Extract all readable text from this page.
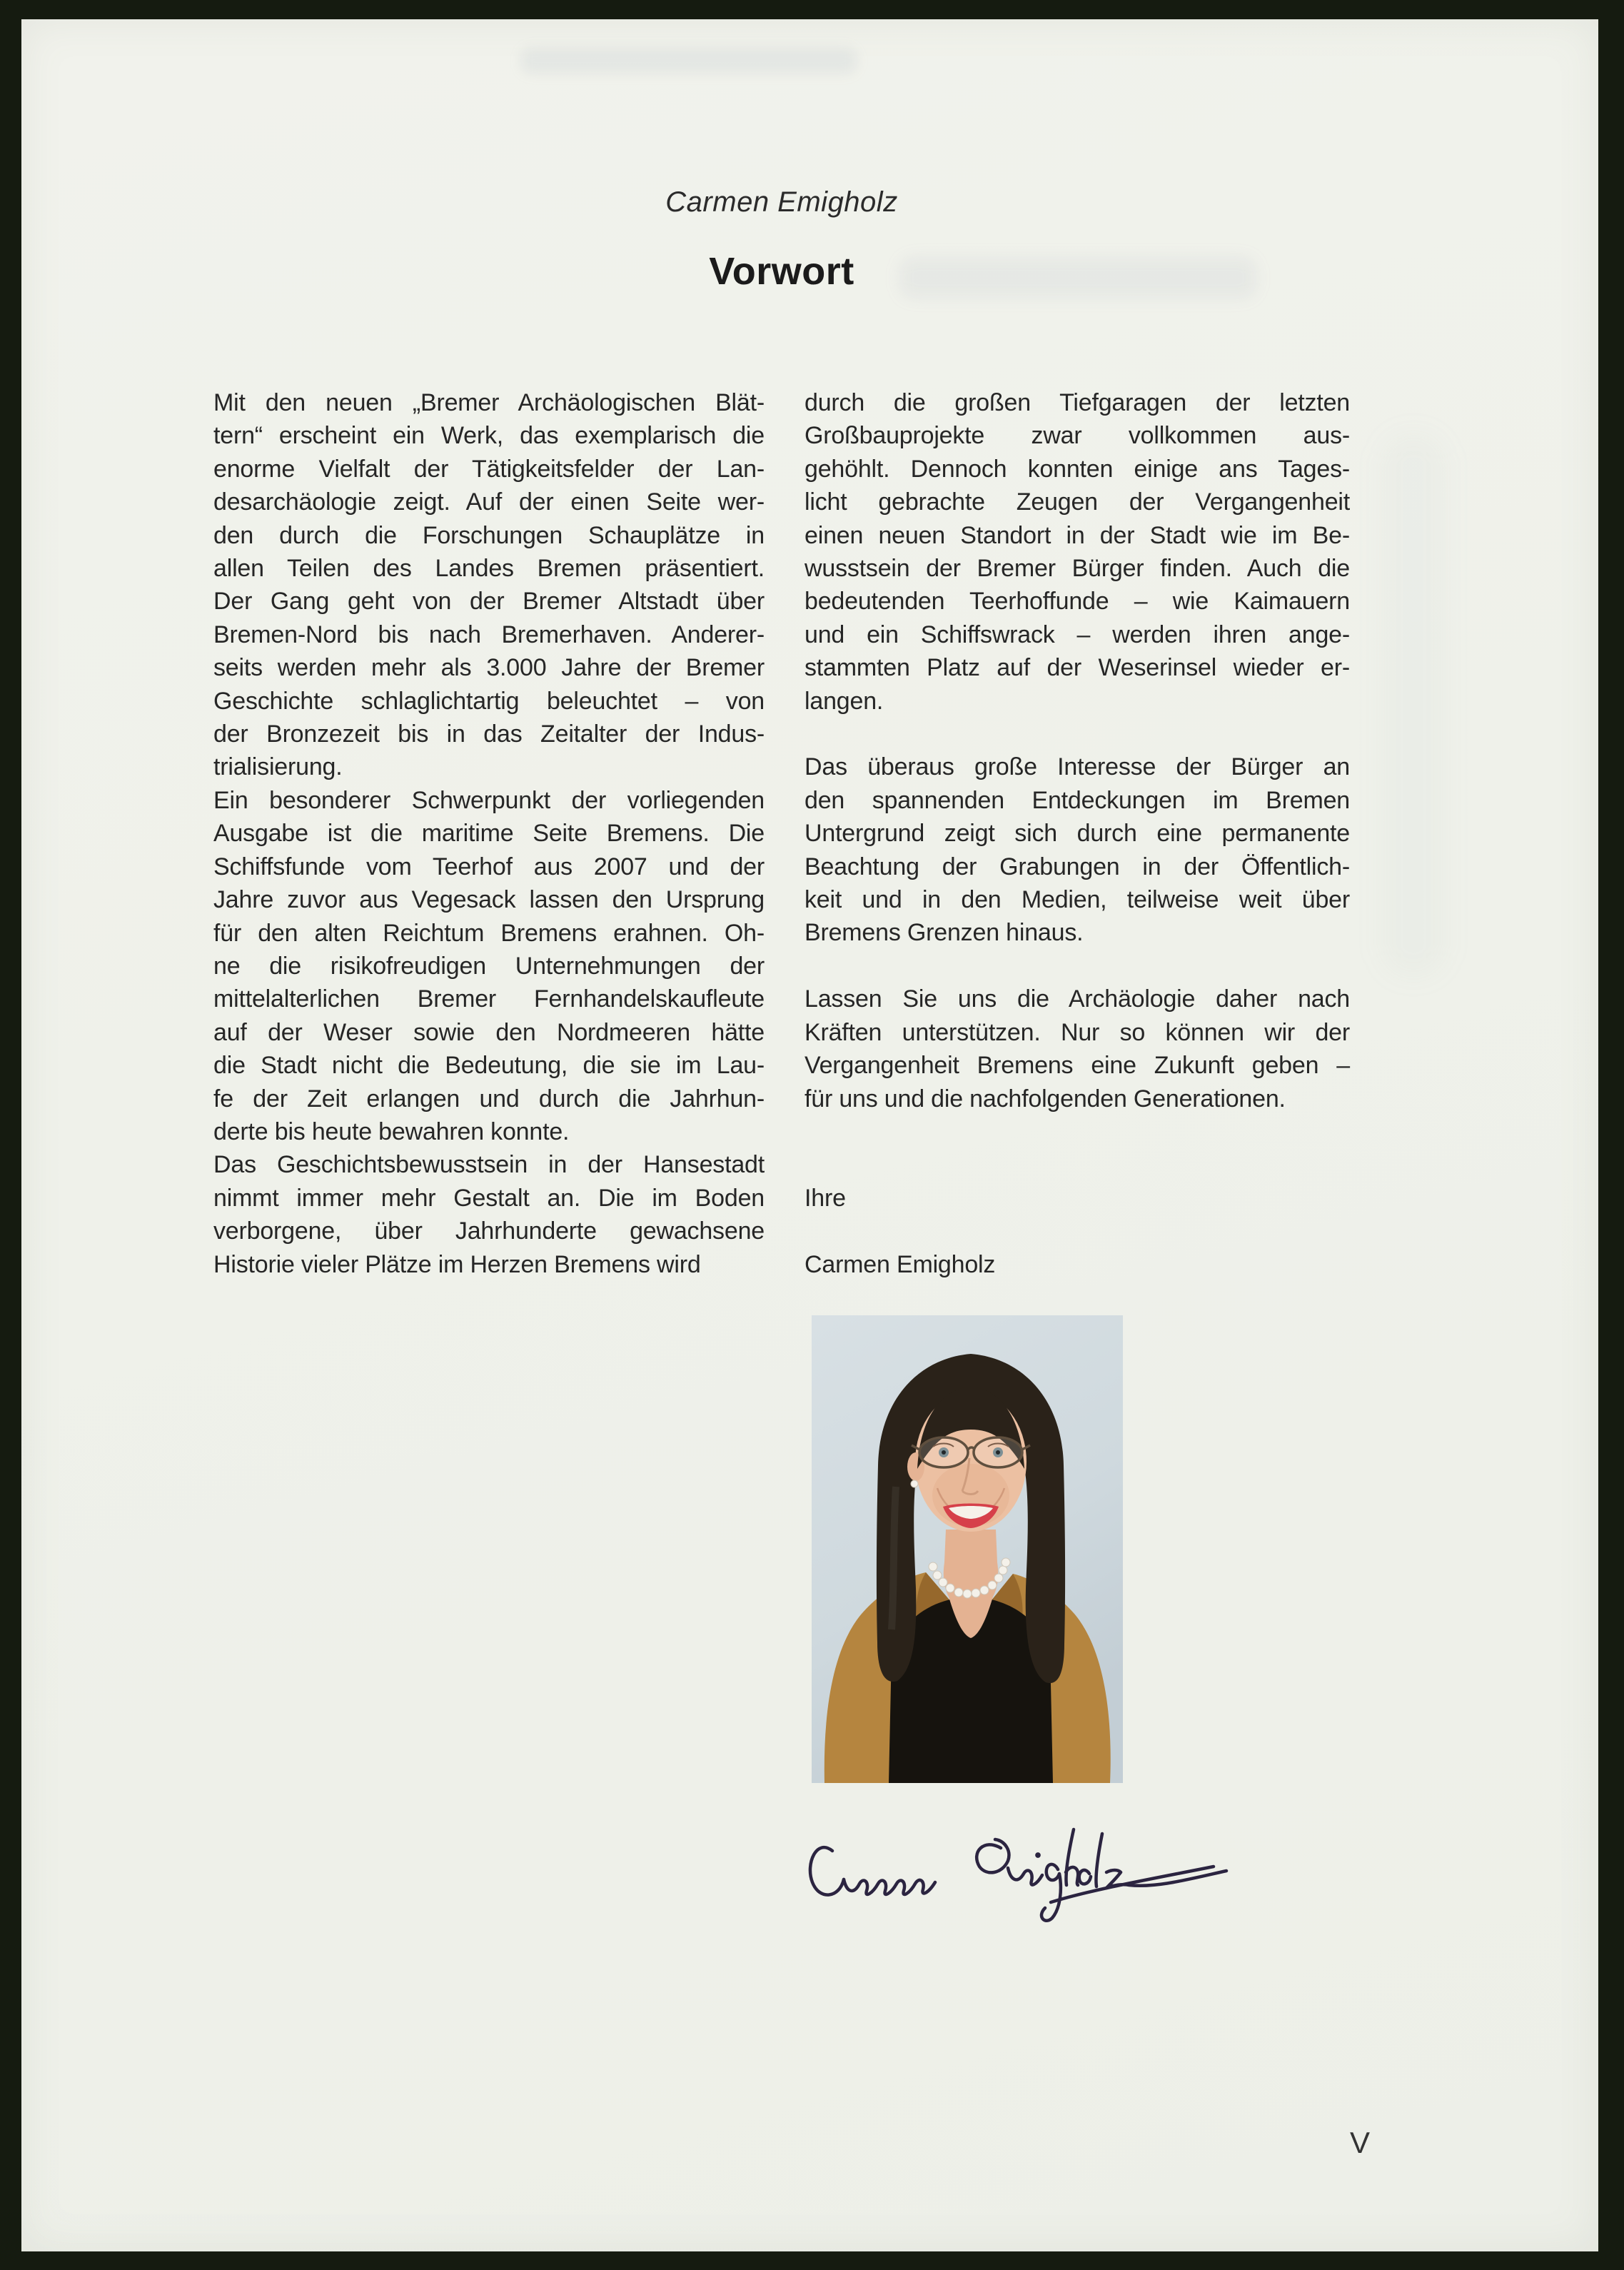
Carmen Emigholz
Vorwort
Mit den neuen „Bremer Archäologischen Blät-
tern“ erscheint ein Werk, das exemplarisch die
enorme Vielfalt der Tätigkeitsfelder der Lan-
desarchäologie zeigt. Auf der einen Seite wer-
den durch die Forschungen Schauplätze in
allen Teilen des Landes Bremen präsentiert.
Der Gang geht von der Bremer Altstadt über
Bremen-Nord bis nach Bremerhaven. Anderer-
seits werden mehr als 3.000 Jahre der Bremer
Geschichte schlaglichtartig beleuchtet – von
der Bronzezeit bis in das Zeitalter der Indus-
trialisierung.
Ein besonderer Schwerpunkt der vorliegenden
Ausgabe ist die maritime Seite Bremens. Die
Schiffsfunde vom Teerhof aus 2007 und der
Jahre zuvor aus Vegesack lassen den Ursprung
für den alten Reichtum Bremens erahnen. Oh-
ne die risikofreudigen Unternehmungen der
mittelalterlichen Bremer Fernhandelskaufleute
auf der Weser sowie den Nordmeeren hätte
die Stadt nicht die Bedeutung, die sie im Lau-
fe der Zeit erlangen und durch die Jahrhun-
derte bis heute bewahren konnte.
Das Geschichtsbewusstsein in der Hansestadt
nimmt immer mehr Gestalt an. Die im Boden
verborgene, über Jahrhunderte gewachsene
Historie vieler Plätze im Herzen Bremens wird
durch die großen Tiefgaragen der letzten
Großbauprojekte zwar vollkommen aus-
gehöhlt. Dennoch konnten einige ans Tages-
licht gebrachte Zeugen der Vergangenheit
einen neuen Standort in der Stadt wie im Be-
wusstsein der Bremer Bürger finden. Auch die
bedeutenden Teerhoffunde – wie Kaimauern
und ein Schiffswrack – werden ihren ange-
stammten Platz auf der Weserinsel wieder er-
langen.
Das überaus große Interesse der Bürger an
den spannenden Entdeckungen im Bremen
Untergrund zeigt sich durch eine permanente
Beachtung der Grabungen in der Öffentlich-
keit und in den Medien, teilweise weit über
Bremens Grenzen hinaus.
Lassen Sie uns die Archäologie daher nach
Kräften unterstützen. Nur so können wir der
Vergangenheit Bremens eine Zukunft geben –
für uns und die nachfolgenden Generationen.
Ihre
Carmen Emigholz
V
